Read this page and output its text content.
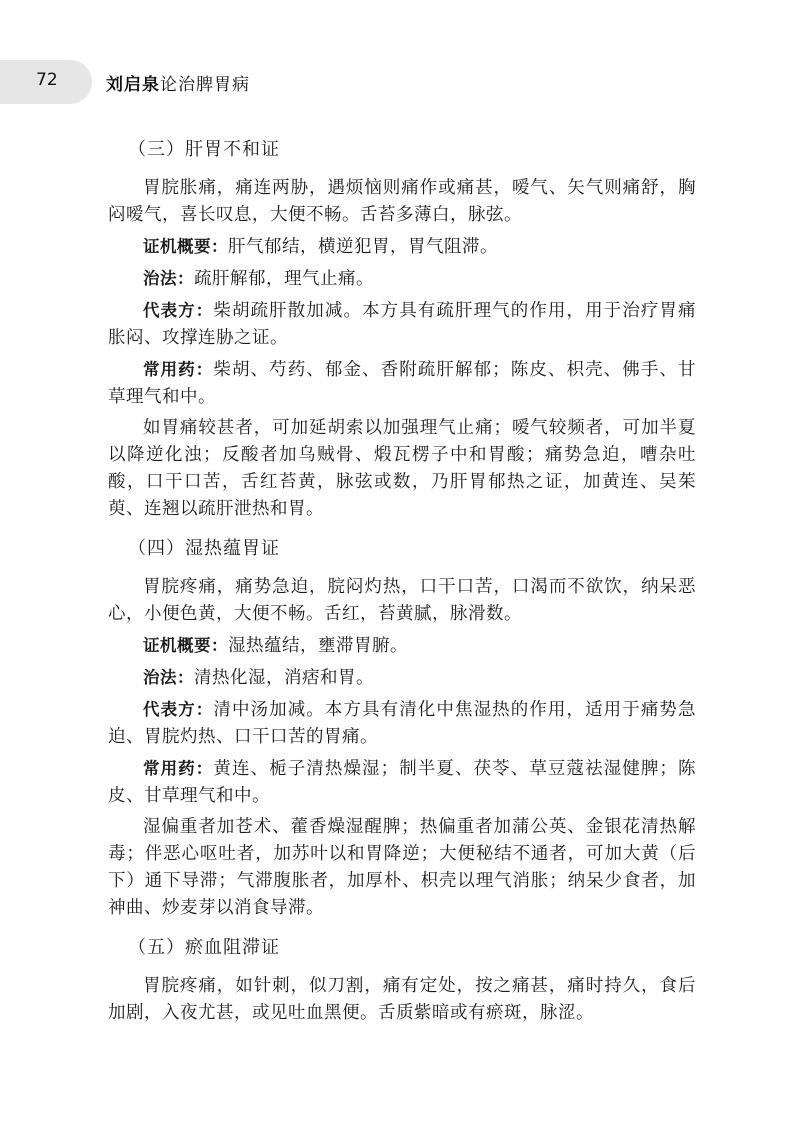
72	刘启泉论治脾胃病
（三）肝胃不和证

胃脘胀痛，痛连两胁，遇烦恼则痛作或痛甚，嗳气、矢气则痛舒，胸闷嗳气，喜长叹息，大便不畅。舌苔多薄白，脉弦。

证机概要：肝气郁结，横逆犯胃，胃气阻滞。

治法：疏肝解郁，理气止痛。

代表方：柴胡疏肝散加减。本方具有疏肝理气的作用，用于治疗胃痛胀闷、攻撑连胁之证。

常用药：柴胡、芍药、郁金、香附疏肝解郁；陈皮、枳壳、佛手、甘草理气和中。

如胃痛较甚者，可加延胡索以加强理气止痛；嗳气较频者，可加半夏以降逆化浊；反酸者加乌贼骨、煅瓦楞子中和胃酸；痛势急迫，嘈杂吐酸，口干口苦，舌红苔黄，脉弦或数，乃肝胃郁热之证，加黄连、吴茱萸、连翘以疏肝泄热和胃。

（四）湿热蕴胃证

胃脘疼痛，痛势急迫，脘闷灼热，口干口苦，口渴而不欲饮，纳呆恶心，小便色黄，大便不畅。舌红，苔黄腻，脉滑数。

证机概要：湿热蕴结，壅滞胃腑。

治法：清热化湿，消痞和胃。

代表方：清中汤加减。本方具有清化中焦湿热的作用，适用于痛势急迫、胃脘灼热、口干口苦的胃痛。

常用药：黄连、栀子清热燥湿；制半夏、茯苓、草豆蔻祛湿健脾；陈皮、甘草理气和中。

湿偏重者加苍术、藿香燥湿醒脾；热偏重者加蒲公英、金银花清热解毒；伴恶心呕吐者，加苏叶以和胃降逆；大便秘结不通者，可加大黄（后下）通下导滞；气滞腹胀者，加厚朴、枳壳以理气消胀；纳呆少食者，加神曲、炒麦芽以消食导滞。

（五）瘀血阻滞证

胃脘疼痛，如针刺，似刀割，痛有定处，按之痛甚，痛时持久，食后加剧，入夜尤甚，或见吐血黑便。舌质紫暗或有瘀斑，脉涩。
